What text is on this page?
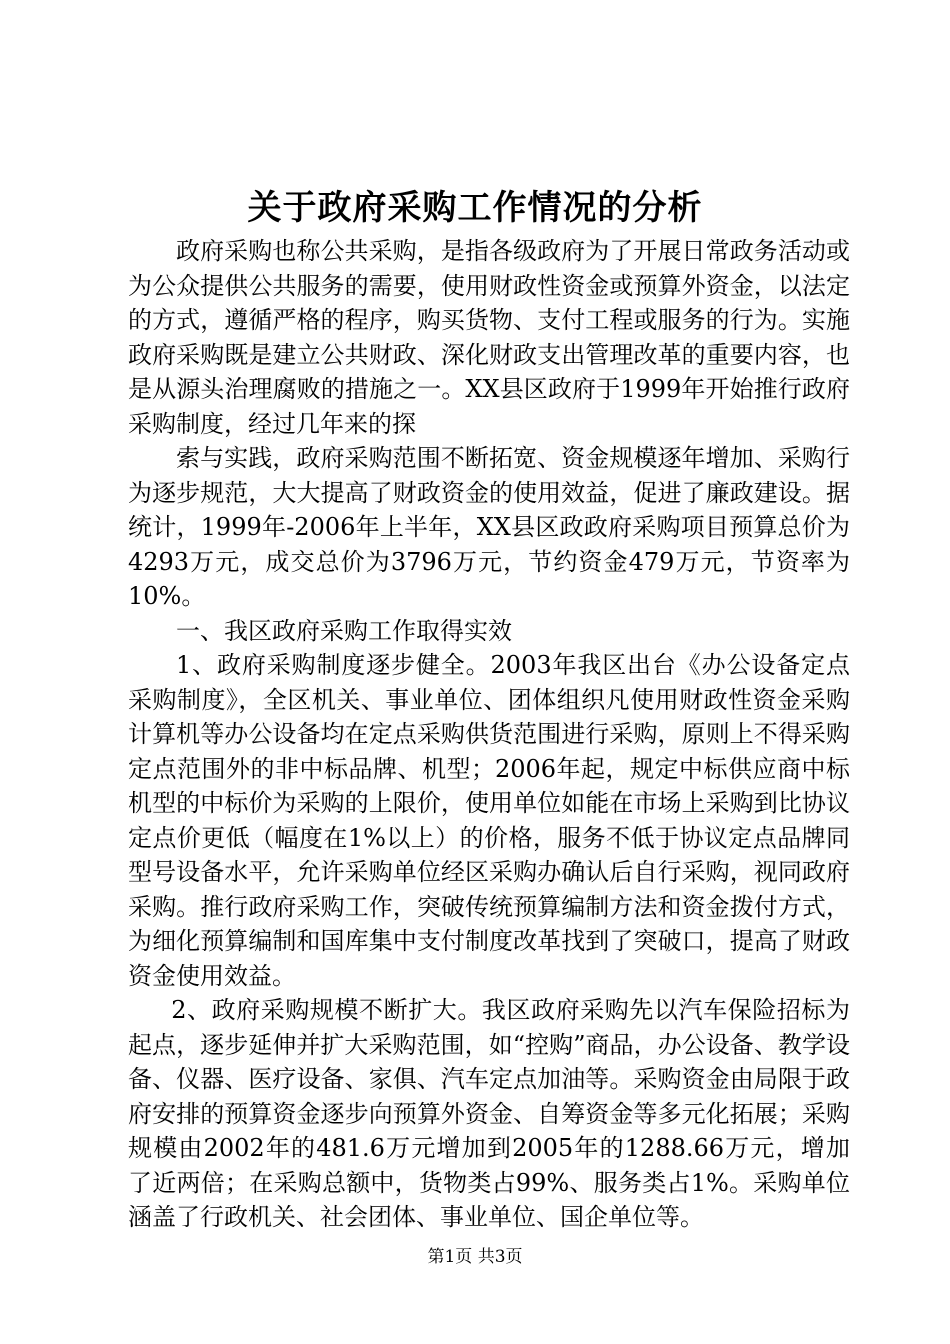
关于政府采购工作情况的分析

政府采购也称公共采购，是指各级政府为了开展日常政务活动或为公众提供公共服务的需要，使用财政性资金或预算外资金，以法定的方式，遵循严格的程序，购买货物、支付工程或服务的行为。实施政府采购既是建立公共财政、深化财政支出管理改革的重要内容，也是从源头治理腐败的措施之一。XX县区政府于1999年开始推行政府采购制度，经过几年来的探

索与实践，政府采购范围不断拓宽、资金规模逐年增加、采购行为逐步规范，大大提高了财政资金的使用效益，促进了廉政建设。据统计，1999年-2006年上半年，XX县区政政府采购项目预算总价为4293万元，成交总价为3796万元，节约资金479万元，节资率为10%。

一、我区政府采购工作取得实效

1、政府采购制度逐步健全。2003年我区出台《办公设备定点采购制度》，全区机关、事业单位、团体组织凡使用财政性资金采购计算机等办公设备均在定点采购供货范围进行采购，原则上不得采购定点范围外的非中标品牌、机型；2006年起，规定中标供应商中标机型的中标价为采购的上限价，使用单位如能在市场上采购到比协议定点价更低（幅度在1%以上）的价格，服务不低于协议定点品牌同型号设备水平，允许采购单位经区采购办确认后自行采购，视同政府采购。推行政府采购工作，突破传统预算编制方法和资金拨付方式，为细化预算编制和国库集中支付制度改革找到了突破口，提高了财政资金使用效益。

2、政府采购规模不断扩大。我区政府采购先以汽车保险招标为起点，逐步延伸并扩大采购范围，如“控购”商品，办公设备、教学设备、仪器、医疗设备、家俱、汽车定点加油等。采购资金由局限于政府安排的预算资金逐步向预算外资金、自筹资金等多元化拓展；采购规模由2002年的481.6万元增加到2005年的1288.66万元，增加了近两倍；在采购总额中，货物类占99%、服务类占1%。采购单位涵盖了行政机关、社会团体、事业单位、国企单位等。

第1页 共3页
